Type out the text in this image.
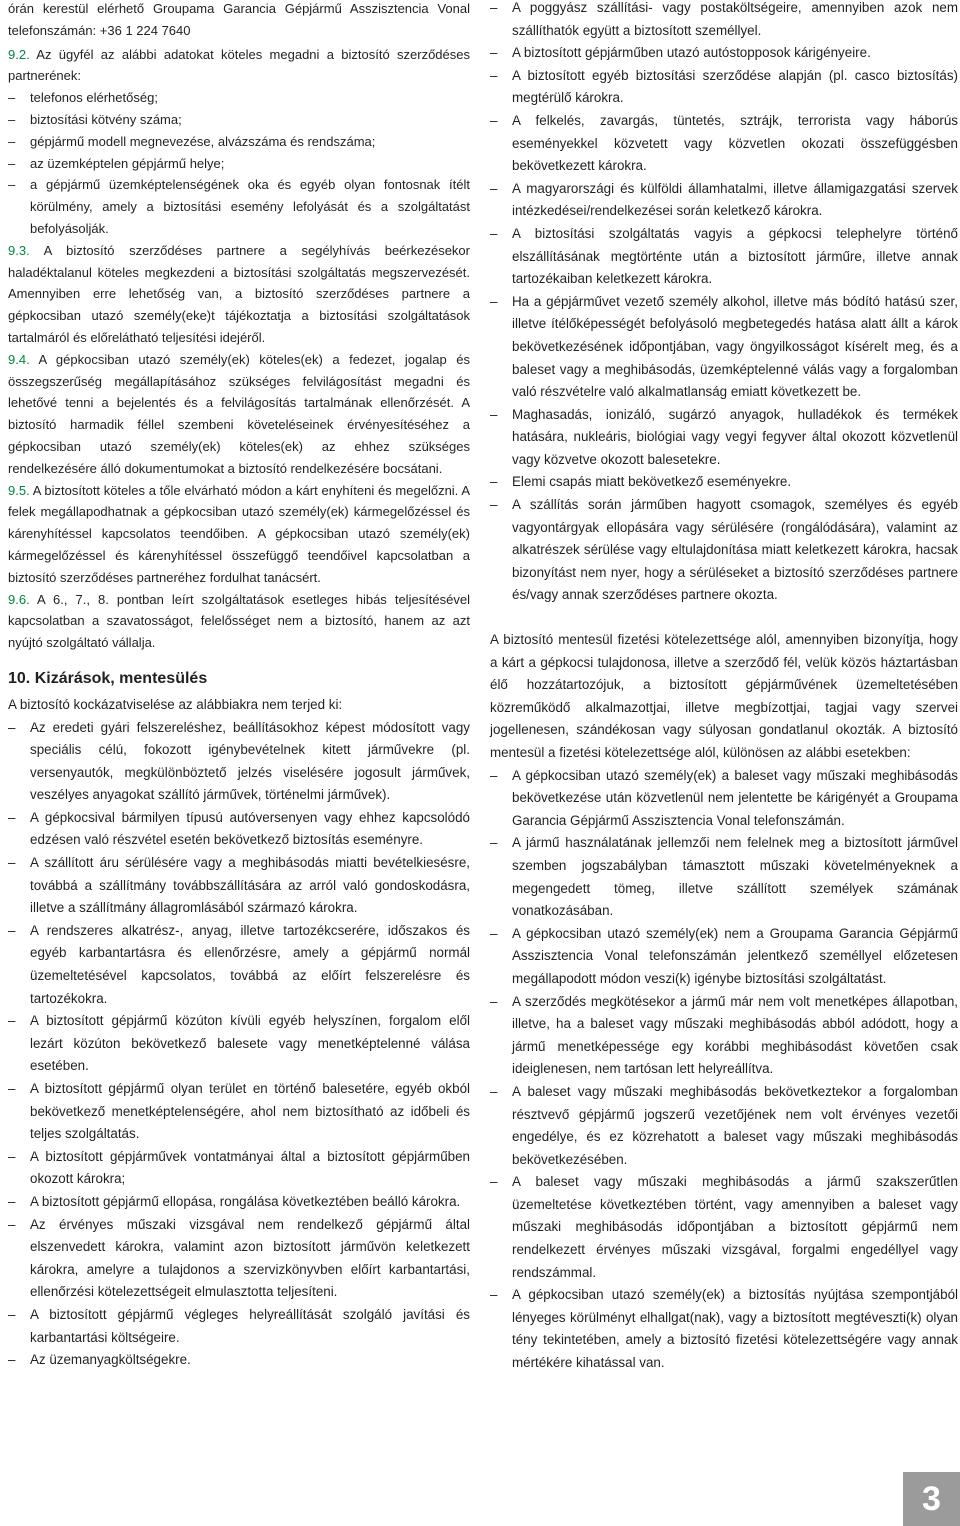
órán kerestül elérhető Groupama Garancia Gépjármű Asszisztencia Vonal telefonszámán: +36 1 224 7640

9.2. Az ügyfél az alábbi adatokat köteles megadni a biztosító szerződéses partnerének:

– telefonos elérhetőség;
– biztosítási kötvény száma;
– gépjármű modell megnevezése, alvázszáma és rendszáma;
– az üzemképtelen gépjármű helye;
– a gépjármű üzemképtelenségének oka és egyéb olyan fontosnak ítélt körülmény, amely a biztosítási esemény lefolyását és a szolgáltatást befolyásolják.

9.3. A biztosító szerződéses partnere a segélyhívás beérkezésekor haladéktalanul köteles megkezdeni a biztosítási szolgáltatás megszervezését. Amennyiben erre lehetőség van, a biztosító szerződéses partnere a gépkocsiban utazó személy(eke)t tájékoztatja a biztosítási szolgáltatások tartalmáról és előrelátható teljesítési idejéről.

9.4. A gépkocsiban utazó személy(ek) köteles(ek) a fedezet, jogalap és összegszerűség megállapításához szükséges felvilágosítást megadni és lehetővé tenni a bejelentés és a felvilágosítás tartalmának ellenőrzését. A biztosító harmadik féllel szembeni követeléseinek érvényesítéséhez a gépkocsiban utazó személy(ek) köteles(ek) az ehhez szükséges rendelkezésére álló dokumentumokat a biztosító rendelkezésére bocsátani.

9.5. A biztosított köteles a tőle elvárható módon a kárt enyhíteni és megelőzni. A felek megállapodhatnak a gépkocsiban utazó személy(ek) kármegelőzéssel és kárenyhítéssel kapcsolatos teendőiben. A gépkocsiban utazó személy(ek) kármegelőzéssel és kárenyhítéssel összefüggő teendőivel kapcsolatban a biztosító szerződéses partneréhez fordulhat tanácsért.

9.6. A 6., 7., 8. pontban leírt szolgáltatások esetleges hibás teljesítésével kapcsolatban a szavatosságot, felelősséget nem a biztosító, hanem az azt nyújtó szolgáltató vállalja.

10. Kizárások, mentesülés

A biztosító kockázatviselése az alábbiakra nem terjed ki:

– Az eredeti gyári felszereléshez, beállításokhoz képest módosított vagy speciális célú, fokozott igénybevételnek kitett járművekre (pl. versenyautók, megkülönböztető jelzés viselésére jogosult járművek, veszélyes anyagokat szállító járművek, történelmi járművek).
– A gépkocsival bármilyen típusú autóversenyen vagy ehhez kapcsolódó edzésen való részvétel esetén bekövetkező biztosítás eseményre.
– A szállított áru sérülésére vagy a meghibásodás miatti bevételkiesésre, továbbá a szállítmány továbbszállítására az arról való gondoskodásra, illetve a szállítmány állagromlásából származó károkra.
– A rendszeres alkatrész-, anyag, illetve tartozékcserére, időszakos és egyéb karbantartásra és ellenőrzésre, amely a gépjármű normál üzemeltetésével kapcsolatos, továbbá az előírt felszerelésre és tartozékokra.
– A biztosított gépjármű közúton kívüli egyéb helyszínen, forgalom elől lezárt közúton bekövetkező balesete vagy menetképtelenné válása esetében.
– A biztosított gépjármű olyan terület en történő balesetére, egyéb okból bekövetkező menetképtelenségére, ahol nem biztosítható az időbeli és teljes szolgáltatás.
– A biztosított gépjárművek vontatmányai által a biztosított gépjárműben okozott károkra;
– A biztosított gépjármű ellopása, rongálása következtében beálló károkra.
– Az érvényes műszaki vizsgával nem rendelkező gépjármű által elszenvedett károkra, valamint azon biztosított járművön keletkezett károkra, amelyre a tulajdonos a szervizkönyvben előírt karbantartási, ellenőrzési kötelezettségeit elmulasztotta teljesíteni.
– A biztosított gépjármű végleges helyreállítását szolgáló javítási és karbantartási költségeire.
– Az üzemanyagköltségekre.
– A poggyász szállítási- vagy postaköltségeire, amennyiben azok nem szállíthatók együtt a biztosított személlyel.
– A biztosított gépjárműben utazó autóstopposok kárigényeire.
– A biztosított egyéb biztosítási szerződése alapján (pl. casco biztosítás) megtérülő károkra.
– A felkelés, zavargás, tüntetés, sztrájk, terrorista vagy háborús eseményekkel közvetett vagy közvetlen okozati összefüggésben bekövetkezett károkra.
– A magyarországi és külföldi államhatalmi, illetve államigazgatási szervek intézkedései/rendelkezései során keletkező károkra.
– A biztosítási szolgáltatás vagyis a gépkocsi telephelyre történő elszállításának megtörténte után a biztosított járműre, illetve annak tartozékaiban keletkezett károkra.
– Ha a gépjárművet vezető személy alkohol, illetve más bódító hatású szer, illetve ítélőképességét befolyásoló megbetegedés hatása alatt állt a károk bekövetkezésének időpontjában, vagy öngyilkosságot kísérelt meg, és a baleset vagy a meghibásodás, üzemképtelenné válás vagy a forgalomban való részvételre való alkalmatlanság emiatt következett be.
– Maghasadás, ionizáló, sugárzó anyagok, hulladékok és termékek hatására, nukleáris, biológiai vagy vegyi fegyver által okozott közvetlenül vagy közvetve okozott balesetekre.
– Elemi csapás miatt bekövetkező eseményekre.
– A szállítás során járműben hagyott csomagok, személyes és egyéb vagyontárgyak ellopására vagy sérülésére (rongálódására), valamint az alkatrészek sérülése vagy eltulajdonítása miatt keletkezett károkra, hacsak bizonyítást nem nyer, hogy a sérüléseket a biztosító szerződéses partnere és/vagy annak szerződéses partnere okozta.

A biztosító mentesül fizetési kötelezettsége alól, amennyiben bizonyítja, hogy a kárt a gépkocsi tulajdonosa, illetve a szerződő fél, velük közös háztartásban élő hozzátartozójuk, a biztosított gépjárművének üzemeltetésében közreműködő alkalmazottjai, illetve megbízottjai, tagjai vagy szervei jogellenesen, szándékosan vagy súlyosan gondatlanul okozták. A biztosító mentesül a fizetési kötelezettsége alól, különösen az alábbi esetekben:

– A gépkocsiban utazó személy(ek) a baleset vagy műszaki meghibásodás bekövetkezése után közvetlenül nem jelentette be kárigényét a Groupama Garancia Gépjármű Asszisztencia Vonal telefonszámán.
– A jármű használatának jellemzői nem felelnek meg a biztosított járművel szemben jogszabályban támasztott műszaki követelményeknek a megengedett tömeg, illetve szállított személyek számának vonatkozásában.
– A gépkocsiban utazó személy(ek) nem a Groupama Garancia Gépjármű Asszisztencia Vonal telefonszámán jelentkező személlyel előzetesen megállapodott módon veszi(k) igénybe biztosítási szolgáltatást.
– A szerződés megkötésekor a jármű már nem volt menetképes állapotban, illetve, ha a baleset vagy műszaki meghibásodás abból adódott, hogy a jármű menetképessége egy korábbi meghibásodást követően csak ideiglenesen, nem tartósan lett helyreállítva.
– A baleset vagy műszaki meghibásodás bekövetkeztekor a forgalomban résztvevő gépjármű jogszerű vezetőjének nem volt érvényes vezetői engedélye, és ez közrehatott a baleset vagy műszaki meghibásodás bekövetkezésében.
– A baleset vagy műszaki meghibásodás a jármű szakszerűtlen üzemeltetése következtében történt, vagy amennyiben a baleset vagy műszaki meghibásodás időpontjában a biztosított gépjármű nem rendelkezett érvényes műszaki vizsgával, forgalmi engedéllyel vagy rendszámmal.
– A gépkocsiban utazó személy(ek) a biztosítás nyújtása szempontjából lényeges körülményt elhallgat(nak), vagy a biztosított megtéveszti(k) olyan tény tekintetében, amely a biztosító fizetési kötelezettségére vagy annak mértékére kihatással van.
3
